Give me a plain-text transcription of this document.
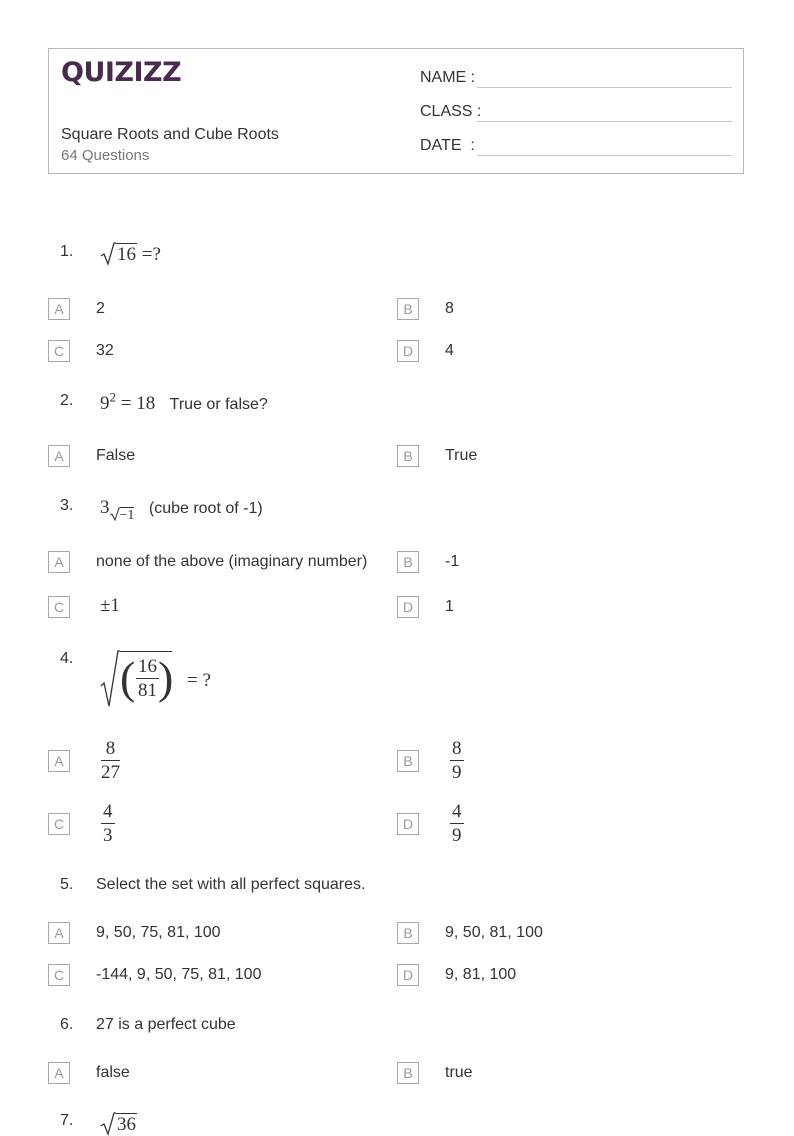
QUIZIZZ
Square Roots and Cube Roots
64 Questions
NAME :
CLASS :
DATE  :
1.	16 =?
A	2	B	8
C	32	D	4
2. $9^2 = 18$ True or false?
A	False	B	True
3. 3 −1 (cube root of -1)
A	none of the above (imaginary number)	B	-1
C	±1	D	1
4. ( $\frac{16}{81}$ ) = ?
A	$\frac{8}{27}$	B	$\frac{8}{9}$
C	$\frac{4}{3}$	D	$\frac{4}{9}$
5. Select the set with all perfect squares.
A	9, 50, 75, 81, 100	B	9, 50, 81, 100
C	-144, 9, 50, 75, 81, 100	D	9, 81, 100
6. 27 is a perfect cube
A	false	B	true
7.	36
